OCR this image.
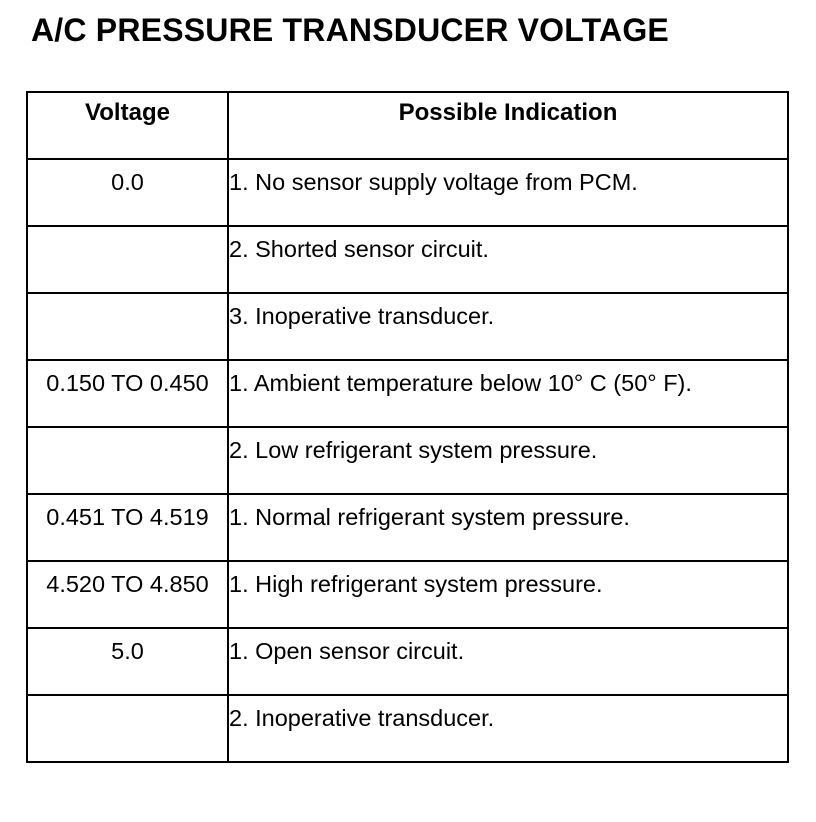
A/C PRESSURE TRANSDUCER VOLTAGE
Voltage	Possible Indication
0.0	1. No sensor supply voltage from PCM.
	2. Shorted sensor circuit.
	3. Inoperative transducer.
0.150 TO 0.450	1. Ambient temperature below 10° C (50° F).
	2. Low refrigerant system pressure.
0.451 TO 4.519	1. Normal refrigerant system pressure.
4.520 TO 4.850	1. High refrigerant system pressure.
5.0	1. Open sensor circuit.
	2. Inoperative transducer.
